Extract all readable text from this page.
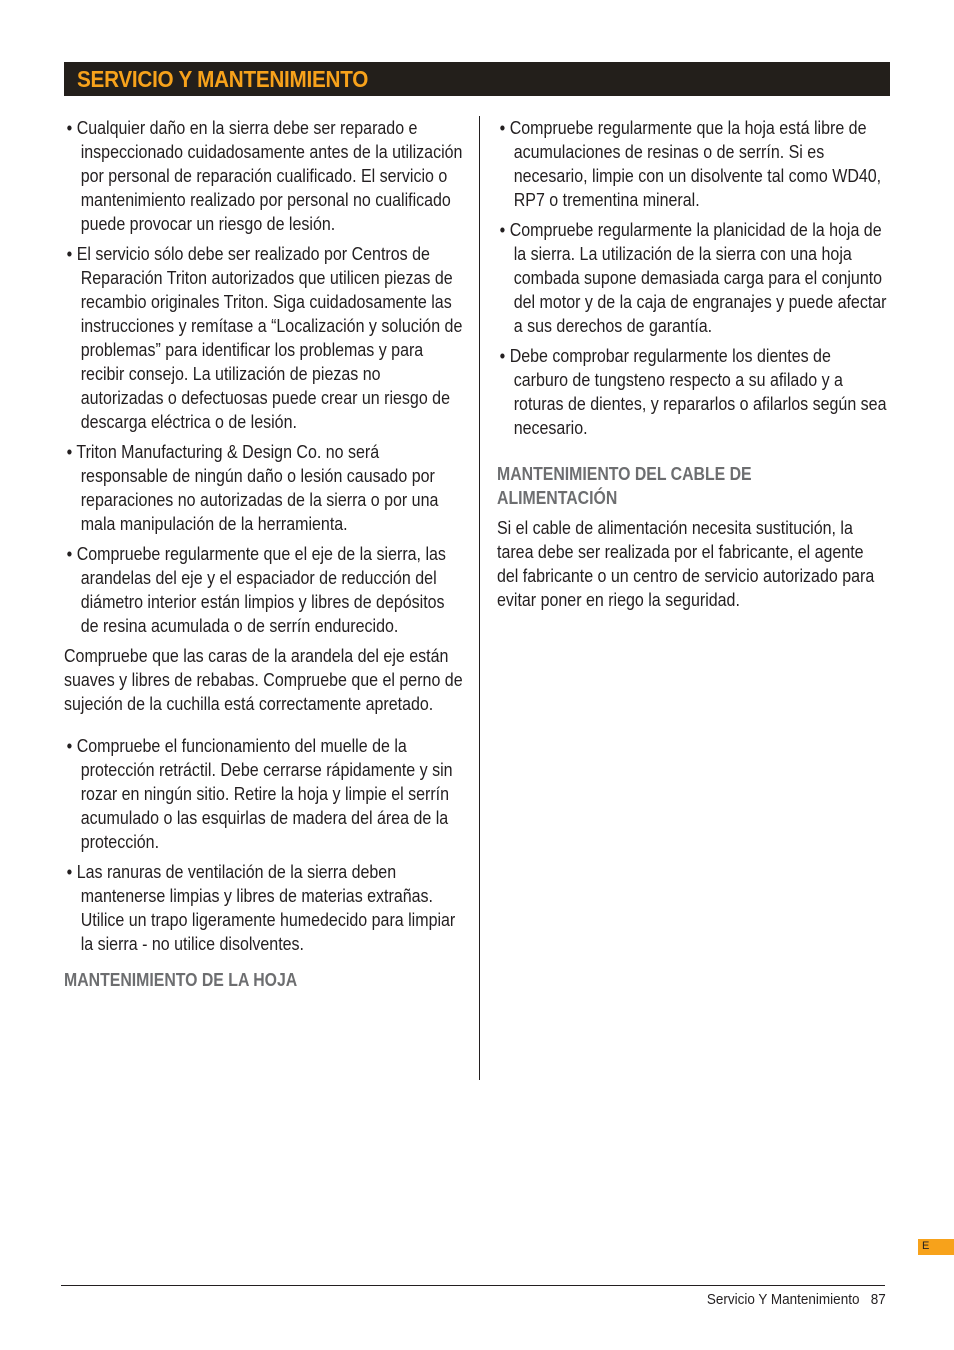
SERVICIO Y MANTENIMIENTO

• Cualquier daño en la sierra debe ser reparado e inspeccionado cuidadosamente antes de la utilización por personal de reparación cualificado. El servicio o mantenimiento realizado por personal no cualificado puede provocar un riesgo de lesión.

• El servicio sólo debe ser realizado por Centros de Reparación Triton autorizados que utilicen piezas de recambio originales Triton. Siga cuidadosamente las instrucciones y remítase a “Localización y solución de problemas” para identificar los problemas y para recibir consejo. La utilización de piezas no autorizadas o defectuosas puede crear un riesgo de descarga eléctrica o de lesión.

• Triton Manufacturing & Design Co. no será responsable de ningún daño o lesión causado por reparaciones no autorizadas de la sierra o por una mala manipulación de la herramienta.

• Compruebe regularmente que el eje de la sierra, las arandelas del eje y el espaciador de reducción del diámetro interior están limpios y libres de depósitos de resina acumulada o de serrín endurecido.

Compruebe que las caras de la arandela del eje están suaves y libres de rebabas. Compruebe que el perno de sujeción de la cuchilla está correctamente apretado.

• Compruebe el funcionamiento del muelle de la protección retráctil. Debe cerrarse rápidamente y sin rozar en ningún sitio. Retire la hoja y limpie el serrín acumulado o las esquirlas de madera del área de la protección.

• Las ranuras de ventilación de la sierra deben mantenerse limpias y libres de materias extrañas. Utilice un trapo ligeramente humedecido para limpiar la sierra - no utilice disolventes.

MANTENIMIENTO DE LA HOJA

• Compruebe regularmente que la hoja está libre de acumulaciones de resinas o de serrín. Si es necesario, limpie con un disolvente tal como WD40, RP7 o trementina mineral.

• Compruebe regularmente la planicidad de la hoja de la sierra. La utilización de la sierra con una hoja combada supone demasiada carga para el conjunto del motor y de la caja de engranajes y puede afectar a sus derechos de garantía.

• Debe comprobar regularmente los dientes de carburo de tungsteno respecto a su afilado y a roturas de dientes, y repararlos o afilarlos según sea necesario.

MANTENIMIENTO DEL CABLE DE ALIMENTACIÓN

Si el cable de alimentación necesita sustitución, la tarea debe ser realizada por el fabricante, el agente del fabricante o un centro de servicio autorizado para evitar poner en riego la seguridad.

E
Servicio Y Mantenimiento 87
